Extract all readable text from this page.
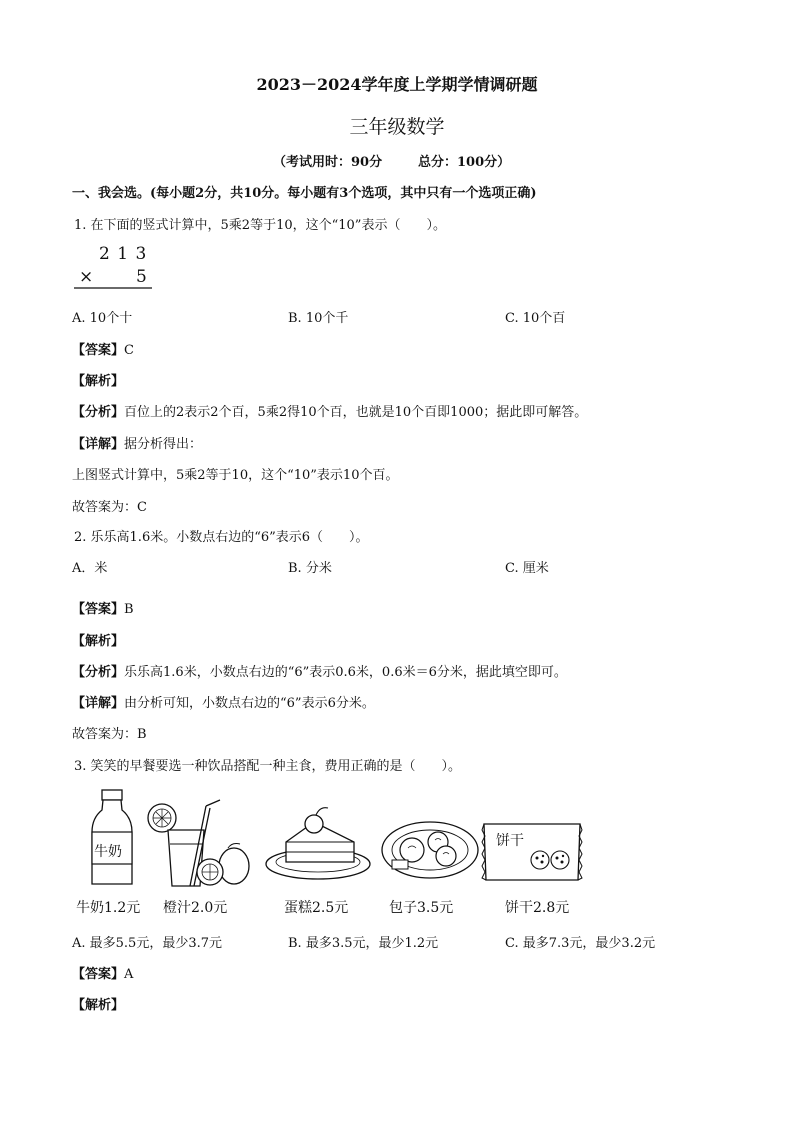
2023－2024学年度上学期学情调研题
三年级数学
（考试用时：90分	总分：100分）
一、我会选。(每小题2分，共10分。每小题有3个选项，其中只有一个选项正确)
1. 在下面的竖式计算中，5乘2等于10，这个“10”表示（　　）。
2 1 3
×	5
A. 10个十	B. 10个千	C. 10个百
【答案】C
【解析】
【分析】百位上的2表示2个百，5乘2得10个百，也就是10个百即1000；据此即可解答。
【详解】据分析得出：
上图竖式计算中，5乘2等于10，这个“10”表示10个百。
故答案为：C
2. 乐乐高1.6米。小数点右边的“6”表示6（　　）。
A．米	B. 分米	C. 厘米
【答案】B
【解析】
【分析】乐乐高1.6米，小数点右边的“6”表示0.6米，0.6米＝6分米，据此填空即可。
【详解】由分析可知，小数点右边的“6”表示6分米。
故答案为：B
3. 笑笑的早餐要选一种饮品搭配一种主食，费用正确的是（　　）。
牛奶
饼干
牛奶1.2元 橙汁2.0元	蛋糕2.5元	包子3.5元	饼干2.8元
A. 最多5.5元，最少3.7元	B. 最多3.5元，最少1.2元	C. 最多7.3元，最少3.2元
【答案】A
【解析】
